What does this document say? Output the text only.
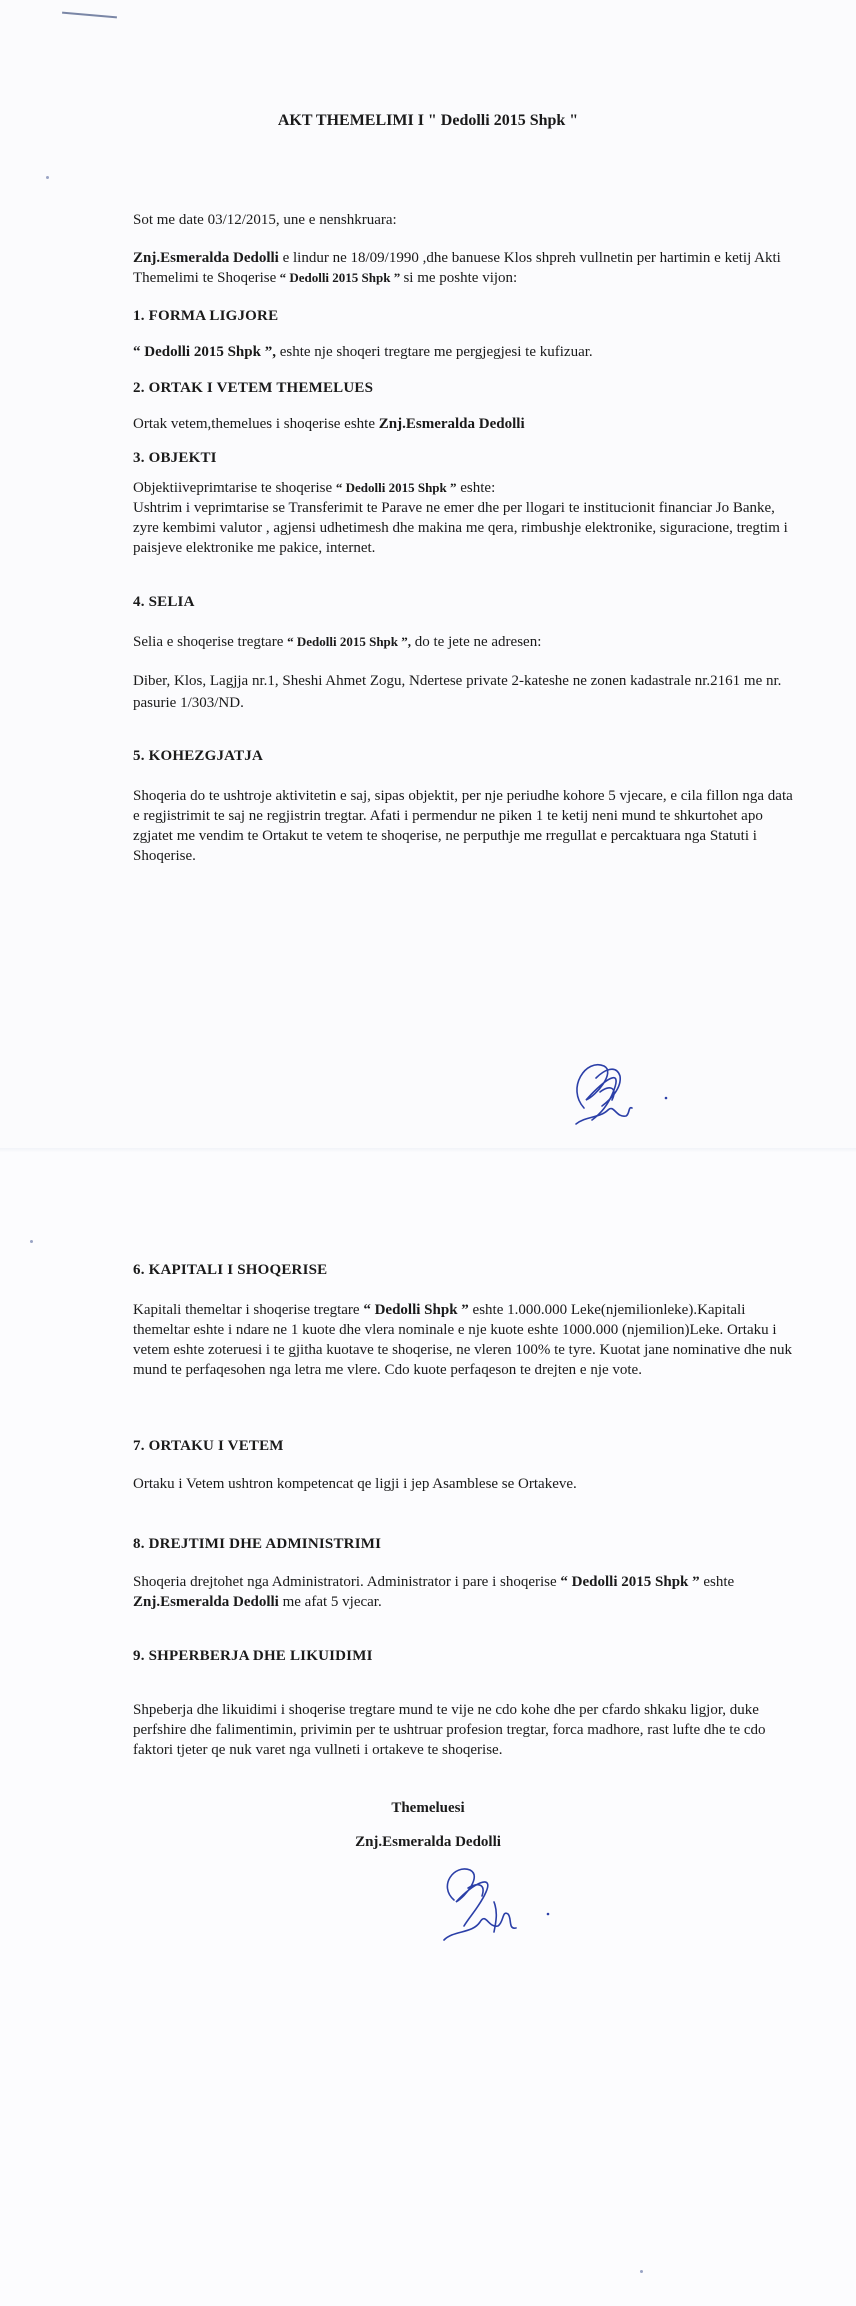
AKT THEMELIMI I " Dedolli 2015 Shpk "
Sot me date 03/12/2015, une e nenshkruara:
Znj.Esmeralda Dedolli e lindur ne 18/09/1990 ,dhe banuese Klos shpreh vullnetin per hartimin e ketij Akti Themelimi te Shoqerise “ Dedolli 2015 Shpk ” si me poshte vijon:
1. FORMA LIGJORE
“ Dedolli 2015 Shpk ”, eshte nje shoqeri tregtare me pergjegjesi te kufizuar.
2. ORTAK I VETEM THEMELUES
Ortak vetem,themelues i shoqerise eshte Znj.Esmeralda Dedolli
3. OBJEKTI
Objektiiveprimtarise te shoqerise “ Dedolli 2015 Shpk ” eshte:
Ushtrim i veprimtarise se Transferimit te Parave ne emer dhe per llogari te institucionit financiar Jo Banke, zyre kembimi valutor , agjensi udhetimesh dhe makina me qera, rimbushje elektronike, siguracione, tregtim i paisjeve elektronike me pakice, internet.
4. SELIA
Selia e shoqerise tregtare “ Dedolli 2015 Shpk ”, do te jete ne adresen:
Diber, Klos, Lagjja nr.1, Sheshi Ahmet Zogu, Ndertese private 2-kateshe ne zonen kadastrale nr.2161 me nr. pasurie 1/303/ND.
5. KOHEZGJATJA
Shoqeria do te ushtroje aktivitetin e saj, sipas objektit, per nje periudhe kohore 5 vjecare, e cila fillon nga data e regjistrimit te saj ne regjistrin tregtar. Afati i permendur ne piken 1 te ketij neni mund te shkurtohet apo zgjatet me vendim te Ortakut te vetem te shoqerise, ne perputhje me rregullat e percaktuara nga Statuti i Shoqerise.
6. KAPITALI I SHOQERISE
Kapitali themeltar i shoqerise tregtare “ Dedolli Shpk ” eshte 1.000.000 Leke(njemilionleke).Kapitali themeltar eshte i ndare ne 1 kuote dhe vlera nominale e nje kuote eshte 1000.000 (njemilion)Leke. Ortaku i vetem eshte zoteruesi i te gjitha kuotave te shoqerise, ne vleren 100% te tyre. Kuotat jane nominative dhe nuk mund te perfaqesohen nga letra me vlere. Cdo kuote perfaqeson te drejten e nje vote.
7. ORTAKU I VETEM
Ortaku i Vetem ushtron kompetencat qe ligji i jep Asamblese se Ortakeve.
8. DREJTIMI DHE ADMINISTRIMI
Shoqeria drejtohet nga Administratori. Administrator i pare i shoqerise “ Dedolli 2015 Shpk ” eshte Znj.Esmeralda Dedolli me afat 5 vjecar.
9. SHPERBERJA DHE LIKUIDIMI
Shpeberja dhe likuidimi i shoqerise tregtare mund te vije ne cdo kohe dhe per cfardo shkaku ligjor, duke perfshire dhe falimentimin, privimin per te ushtruar profesion tregtar, forca madhore, rast lufte dhe te cdo faktori tjeter qe nuk varet nga vullneti i ortakeve te shoqerise.
Themeluesi
Znj.Esmeralda Dedolli
